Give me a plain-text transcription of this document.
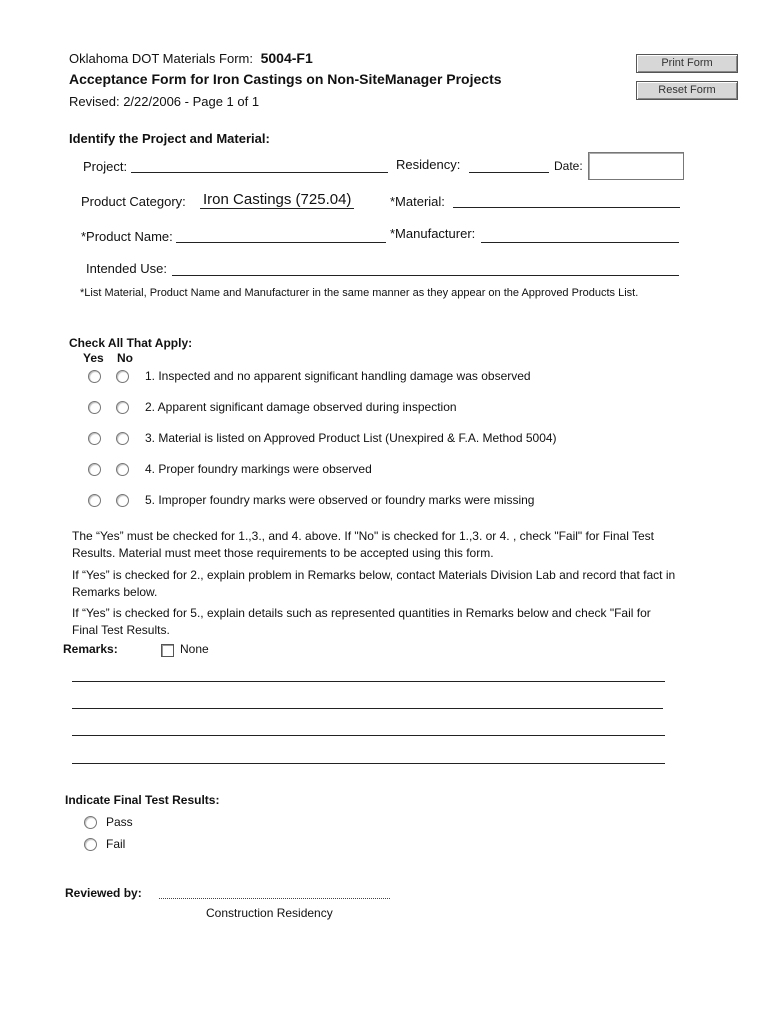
Oklahoma DOT Materials Form: 5004-F1
Acceptance Form for Iron Castings on Non-SiteManager Projects
Revised: 2/22/2006 - Page 1 of 1
Print Form
Reset Form
Identify the Project and Material:
Project:	Residency:	Date:
Product Category: Iron Castings (725.04)	*Material:
*Product Name:	*Manufacturer:
Intended Use:
*List Material, Product Name and Manufacturer in the same manner as they appear on the Approved Products List.
Check All That Apply:
Yes No
1. Inspected and no apparent significant handling damage was observed
2. Apparent significant damage observed during inspection
3. Material is listed on Approved Product List (Unexpired & F.A. Method 5004)
4. Proper foundry markings were observed
5. Improper foundry marks were observed or foundry marks were missing
The “Yes” must be checked for 1.,3., and 4. above. If "No" is checked for 1.,3. or 4. , check "Fail" for Final Test Results. Material must meet those requirements to be accepted using this form.
If “Yes” is checked for 2., explain problem in Remarks below, contact Materials Division Lab and record that fact in Remarks below.
If “Yes” is checked for 5., explain details such as represented quantities in Remarks below and check "Fail for Final Test Results.
Remarks:	None
Indicate Final Test Results:
Pass
Fail
Reviewed by:
Construction Residency
